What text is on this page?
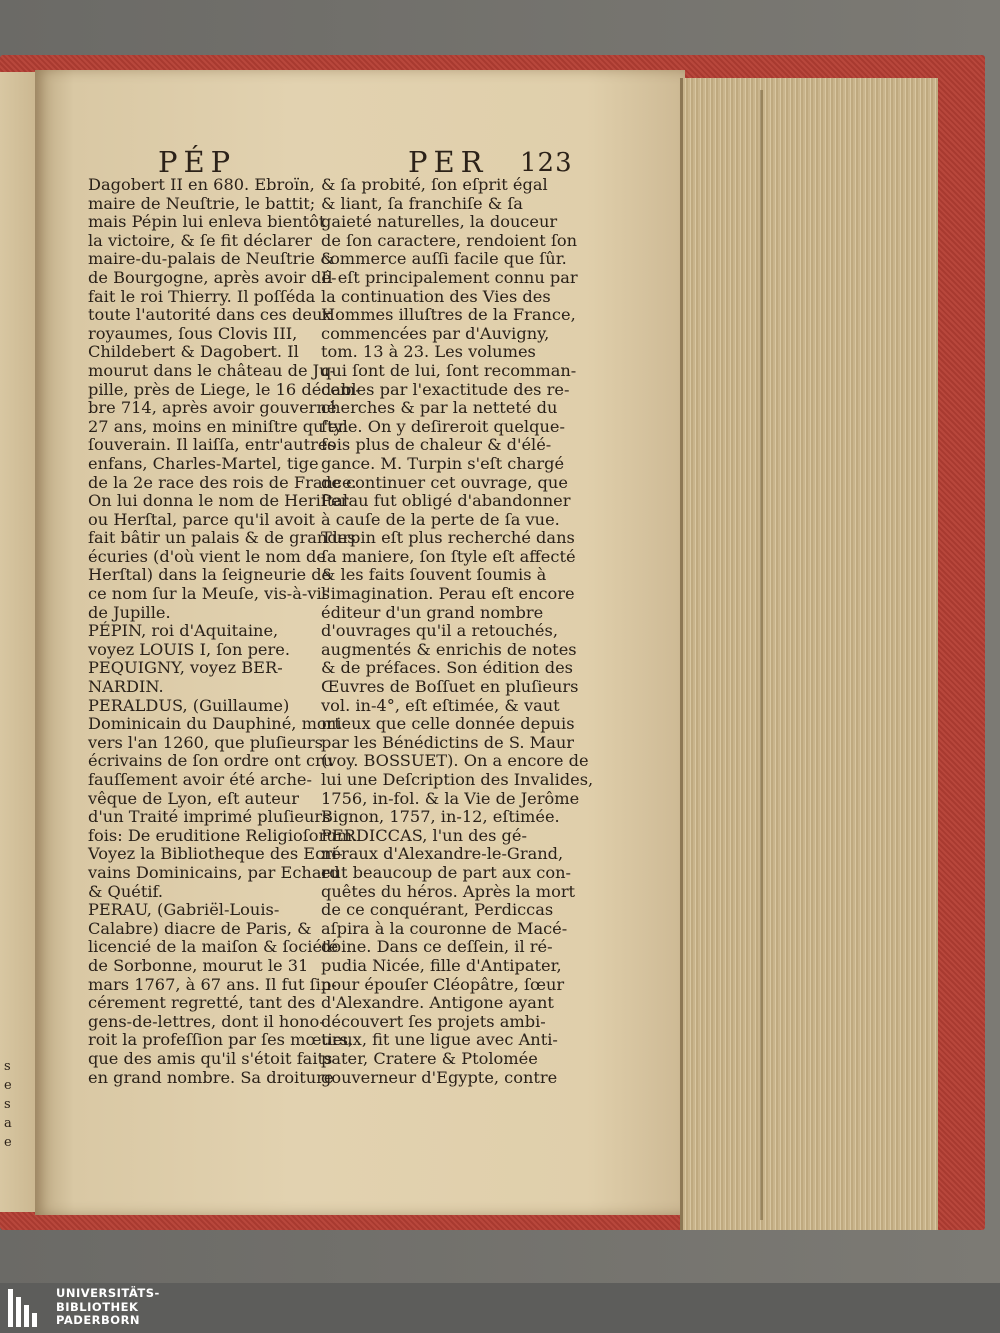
s
e
s
a
e
PÉP	PER 123
Dagobert II en 680. Ebroïn,
maire de Neuſtrie, le battit;
mais Pépin lui enleva bientôt
la victoire, & ſe fit déclarer
maire-du-palais de Neuſtrie &
de Bourgogne, après avoir dé-
fait le roi Thierry. Il poſſéda
toute l'autorité dans ces deux
royaumes, ſous Clovis III,
Childebert & Dagobert. Il
mourut dans le château de Ju-
pille, près de Liege, le 16 décem-
bre 714, après avoir gouverné
27 ans, moins en miniſtre qu'en
ſouverain. Il laiſſa, entr'autres
enfans, Charles-Martel, tige
de la 2e race des rois de France.
On lui donna le nom de Heriſtal
ou Herſtal, parce qu'il avoit
fait bâtir un palais & de grandes
écuries (d'où vient le nom de
Herſtal) dans la ſeigneurie de
ce nom ſur la Meuſe, vis-à-vis
de Jupille.
PÉPIN, roi d'Aquitaine,
voyez LOUIS I, ſon pere.
PEQUIGNY, voyez BER-
NARDIN.
PERALDUS, (Guillaume)
Dominicain du Dauphiné, mort
vers l'an 1260, que pluſieurs
écrivains de ſon ordre ont cru
fauſſement avoir été arche-
vêque de Lyon, eſt auteur
d'un Traité imprimé pluſieurs
fois: De eruditione Religioſorum.
Voyez la Bibliotheque des Ecri-
vains Dominicains, par Echard
& Quétif.
PERAU, (Gabriël-Louis-
Calabre) diacre de Paris, &
licencié de la maiſon & ſociété
de Sorbonne, mourut le 31
mars 1767, à 67 ans. Il fut ſin-
cérement regretté, tant des
gens-de-lettres, dont il hono-
roit la profeſſion par ſes mœurs,
que des amis qu'il s'étoit faits
en grand nombre. Sa droiture
& ſa probité, ſon eſprit égal
& liant, ſa franchiſe & ſa
gaieté naturelles, la douceur
de ſon caractere, rendoient ſon
commerce auſſi facile que ſûr.
Il eſt principalement connu par
la continuation des Vies des
Hommes illuſtres de la France,
commencées par d'Auvigny,
tom. 13 à 23. Les volumes
qui ſont de lui, ſont recomman-
dables par l'exactitude des re-
cherches & par la netteté du
ſtyle. On y deſireroit quelque-
fois plus de chaleur & d'élé-
gance. M. Turpin s'eſt chargé
de continuer cet ouvrage, que
Perau fut obligé d'abandonner
à cauſe de la perte de ſa vue.
Turpin eſt plus recherché dans
ſa maniere, ſon ſtyle eſt affecté
& les faits ſouvent ſoumis à
l'imagination. Perau eſt encore
éditeur d'un grand nombre
d'ouvrages qu'il a retouchés,
augmentés & enrichis de notes
& de préfaces. Son édition des
Œuvres de Boſſuet en pluſieurs
vol. in-4°, eſt eſtimée, & vaut
mieux que celle donnée depuis
par les Bénédictins de S. Maur
(voy. BOSSUET). On a encore de
lui une Deſcription des Invalides,
1756, in-fol. & la Vie de Jerôme
Bignon, 1757, in-12, eſtimée.
PERDICCAS, l'un des gé-
néraux d'Alexandre-le-Grand,
eut beaucoup de part aux con-
quêtes du héros. Après la mort
de ce conquérant, Perdiccas
aſpira à la couronne de Macé-
doine. Dans ce deſſein, il ré-
pudia Nicée, fille d'Antipater,
pour épouſer Cléopâtre, ſœur
d'Alexandre. Antigone ayant
découvert ſes projets ambi-
tieux, fit une ligue avec Anti-
pater, Cratere & Ptolomée
gouverneur d'Egypte, contre
UNIVERSITÄTS-
BIBLIOTHEK
PADERBORN
